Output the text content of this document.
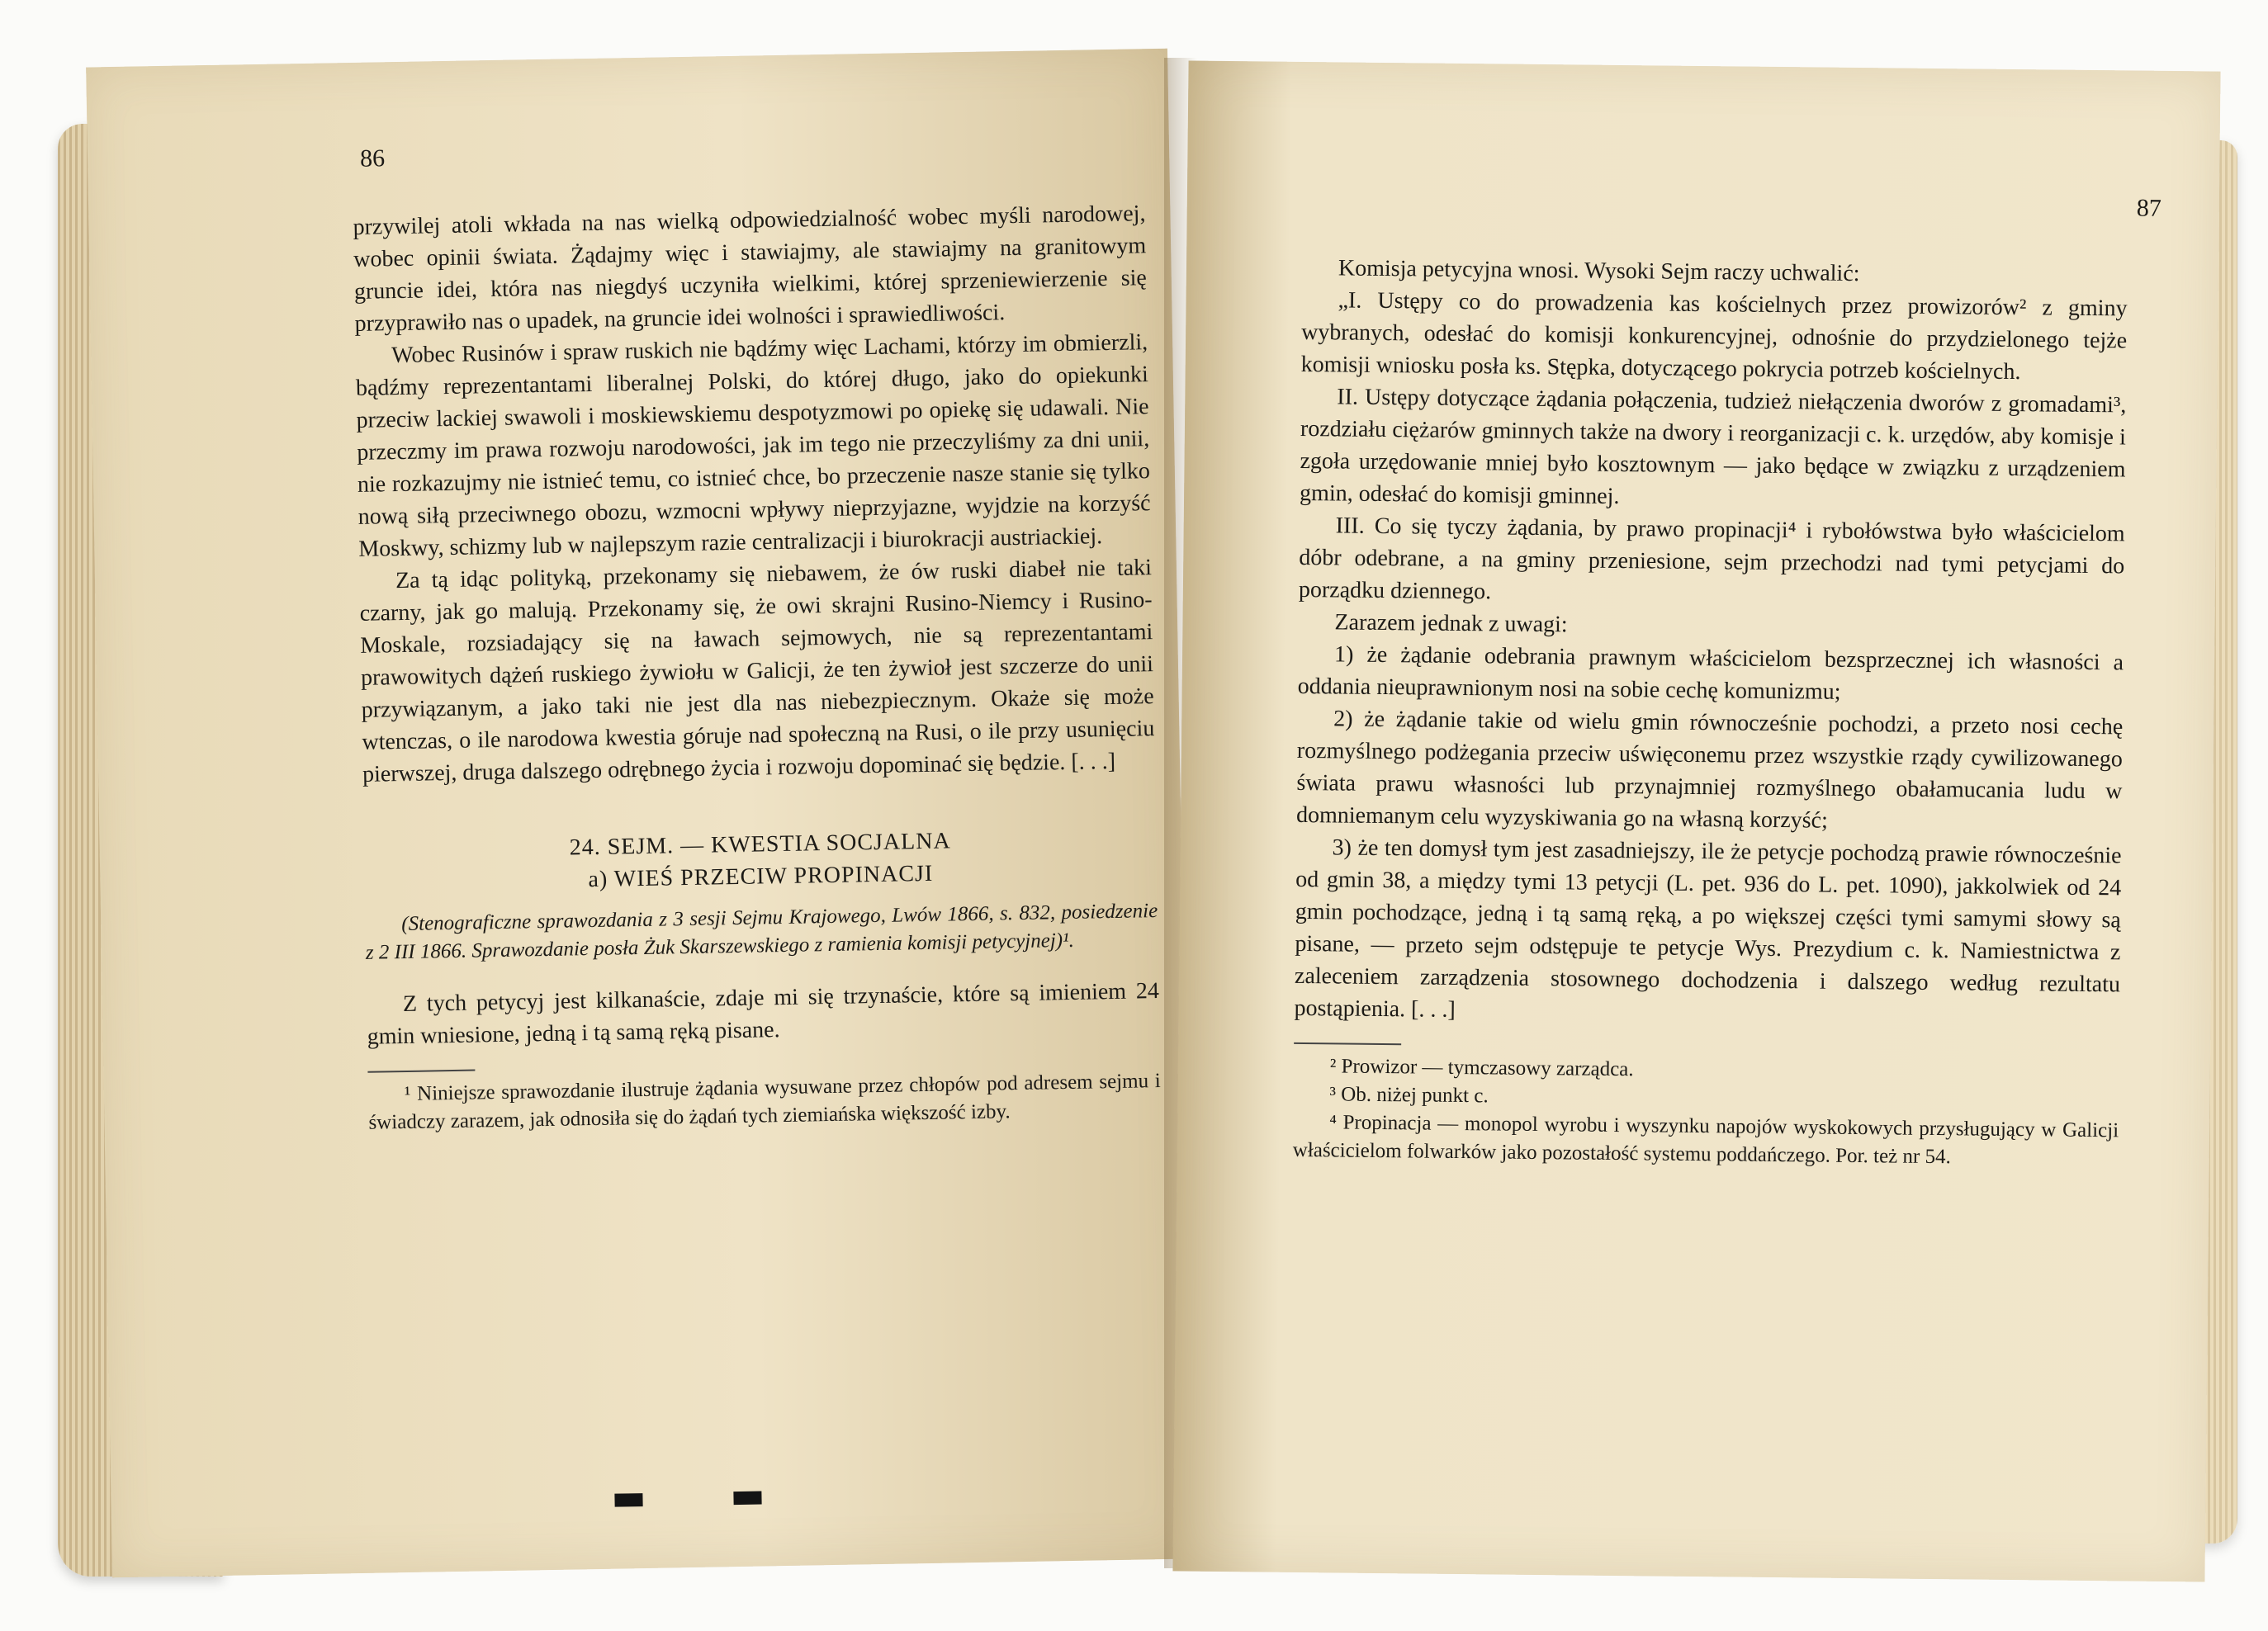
86

przywilej atoli wkłada na nas wielką odpowiedzialność wobec myśli narodowej, wobec opinii świata. Żądajmy więc i stawiajmy, ale stawiajmy na granitowym gruncie idei, która nas niegdyś uczyniła wielkimi, której sprzeniewierzenie się przyprawiło nas o upadek, na gruncie idei wolności i sprawiedliwości.

Wobec Rusinów i spraw ruskich nie bądźmy więc Lachami, którzy im obmierzli, bądźmy reprezentantami liberalnej Polski, do której długo, jako do opiekunki przeciw lackiej swawoli i moskiewskiemu despotyzmowi po opiekę się udawali. Nie przeczmy im prawa rozwoju narodowości, jak im tego nie przeczyliśmy za dni unii, nie rozkazujmy nie istnieć temu, co istnieć chce, bo przeczenie nasze stanie się tylko nową siłą przeciwnego obozu, wzmocni wpływy nieprzyjazne, wyjdzie na korzyść Moskwy, schizmy lub w najlepszym razie centralizacji i biurokracji austriackiej.

Za tą idąc polityką, przekonamy się niebawem, że ów ruski diabeł nie taki czarny, jak go malują. Przekonamy się, że owi skrajni Rusino-Niemcy i Rusino-Moskale, rozsiadający się na ławach sejmowych, nie są reprezentantami prawowitych dążeń ruskiego żywiołu w Galicji, że ten żywioł jest szczerze do unii przywiązanym, a jako taki nie jest dla nas niebezpiecznym. Okaże się może wtenczas, o ile narodowa kwestia góruje nad społeczną na Rusi, o ile przy usunięciu pierwszej, druga dalszego odrębnego życia i rozwoju dopominać się będzie. [. . .]

24. SEJM. — KWESTIA SOCJALNA

a) WIEŚ PRZECIW PROPINACJI

(Stenograficzne sprawozdania z 3 sesji Sejmu Krajowego, Lwów 1866, s. 832, posiedzenie z 2 III 1866. Sprawozdanie posła Żuk Skarszewskiego z ramienia komisji petycyjnej)¹.

Z tych petycyj jest kilkanaście, zdaje mi się trzynaście, które są imieniem 24 gmin wniesione, jedną i tą samą ręką pisane.

¹ Niniejsze sprawozdanie ilustruje żądania wysuwane przez chłopów pod adresem sejmu i świadczy zarazem, jak odnosiła się do żądań tych ziemiańska większość izby.

87

Komisja petycyjna wnosi. Wysoki Sejm raczy uchwalić:

„I. Ustępy co do prowadzenia kas kościelnych przez prowizorów² z gminy wybranych, odesłać do komisji konkurencyjnej, odnośnie do przydzielonego tejże komisji wniosku posła ks. Stępka, dotyczącego pokrycia potrzeb kościelnych.

II. Ustępy dotyczące żądania połączenia, tudzież niełączenia dworów z gromadami³, rozdziału ciężarów gminnych także na dwory i reorganizacji c. k. urzędów, aby komisje i zgoła urzędowanie mniej było kosztownym — jako będące w związku z urządzeniem gmin, odesłać do komisji gminnej.

III. Co się tyczy żądania, by prawo propinacji⁴ i rybołówstwa było właścicielom dóbr odebrane, a na gminy przeniesione, sejm przechodzi nad tymi petycjami do porządku dziennego.

Zarazem jednak z uwagi:

1) że żądanie odebrania prawnym właścicielom bezsprzecznej ich własności a oddania nieuprawnionym nosi na sobie cechę komunizmu;

2) że żądanie takie od wielu gmin równocześnie pochodzi, a przeto nosi cechę rozmyślnego podżegania przeciw uświęconemu przez wszystkie rządy cywilizowanego świata prawu własności lub przynajmniej rozmyślnego obałamucania ludu w domniemanym celu wyzyskiwania go na własną korzyść;

3) że ten domysł tym jest zasadniejszy, ile że petycje pochodzą prawie równocześnie od gmin 38, a między tymi 13 petycji (L. pet. 936 do L. pet. 1090), jakkolwiek od 24 gmin pochodzące, jedną i tą samą ręką, a po większej części tymi samymi słowy są pisane, — przeto sejm odstępuje te petycje Wys. Prezydium c. k. Namiestnictwa z zaleceniem zarządzenia stosownego dochodzenia i dalszego według rezultatu postąpienia. [. . .]

² Prowizor — tymczasowy zarządca.

³ Ob. niżej punkt c.

⁴ Propinacja — monopol wyrobu i wyszynku napojów wyskokowych przysługujący w Galicji właścicielom folwarków jako pozostałość systemu poddańczego. Por. też nr 54.
